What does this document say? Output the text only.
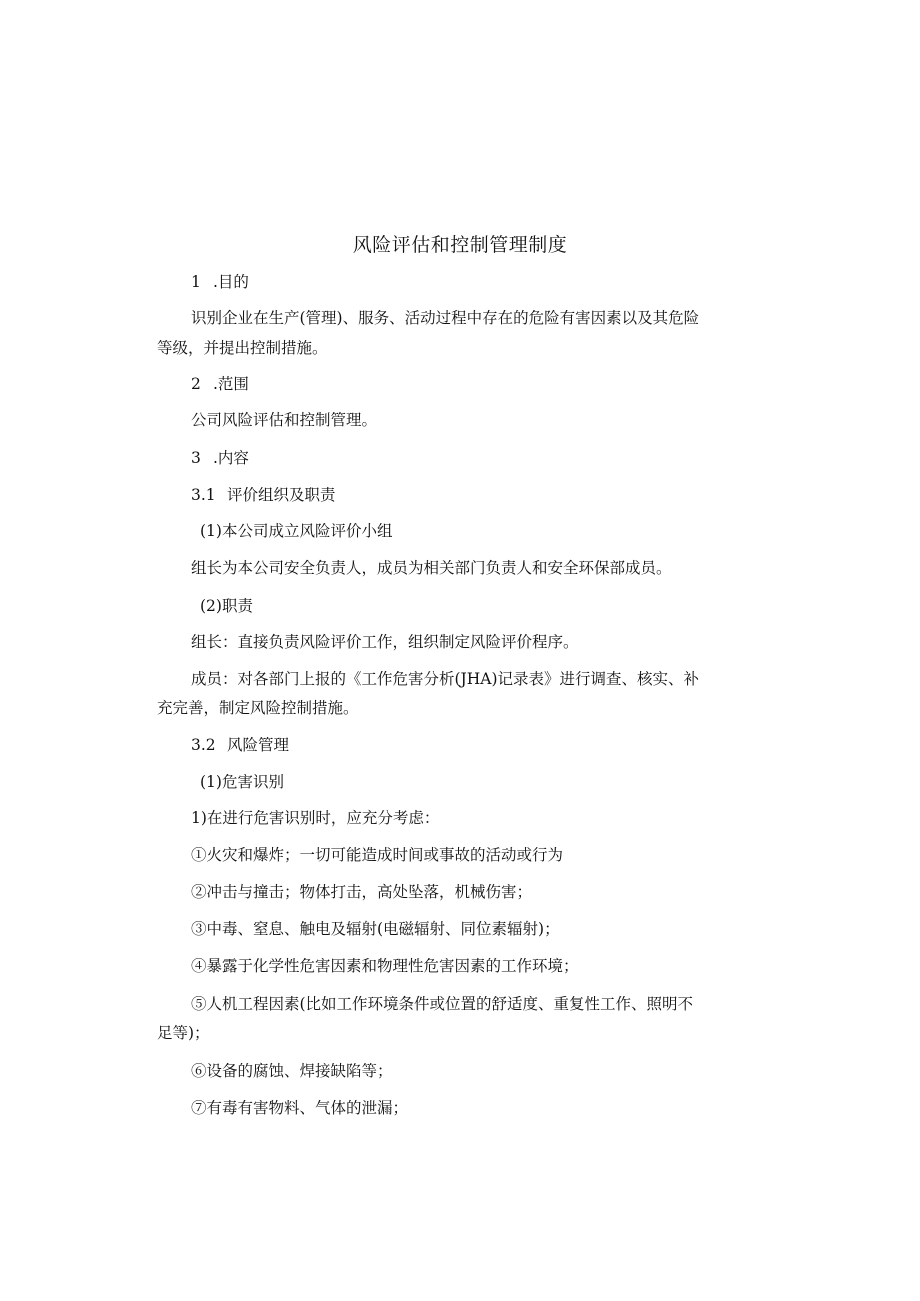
风险评估和控制管理制度
1 .目的
识别企业在生产(管理)、服务、活动过程中存在的危险有害因素以及其危险
等级，并提出控制措施。
2 .范围
公司风险评估和控制管理。
3 .内容
3.1 评价组织及职责
(1)本公司成立风险评价小组
组长为本公司安全负责人，成员为相关部门负责人和安全环保部成员。
(2)职责
组长：直接负责风险评价工作，组织制定风险评价程序。
成员：对各部门上报的《工作危害分析(JHA)记录表》进行调查、核实、补
充完善，制定风险控制措施。
3.2 风险管理
(1)危害识别
1)在进行危害识别时，应充分考虑：
①火灾和爆炸；一切可能造成时间或事故的活动或行为
②冲击与撞击；物体打击，高处坠落，机械伤害；
③中毒、窒息、触电及辐射(电磁辐射、同位素辐射)；
④暴露于化学性危害因素和物理性危害因素的工作环境；
⑤人机工程因素(比如工作环境条件或位置的舒适度、重复性工作、照明不
足等)；
⑥设备的腐蚀、焊接缺陷等；
⑦有毒有害物料、气体的泄漏；
